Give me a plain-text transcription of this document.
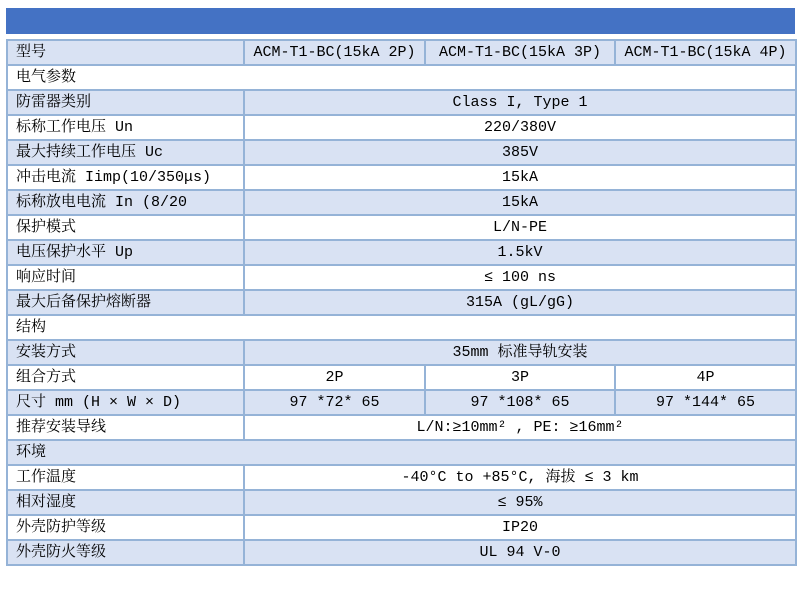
型号	ACM-T1-BC(15kA 2P)	ACM-T1-BC(15kA 3P)	ACM-T1-BC(15kA 4P)
电气参数			
防雷器类别	Class I, Type 1		
标称工作电压 Un	220/380V		
最大持续工作电压 Uc	385V		
冲击电流 Iimp(10/350μs)	15kA		
标称放电电流 In (8/20	15kA		
保护模式	L/N-PE		
电压保护水平 Up	1.5kV		
响应时间	≤ 100 ns		
最大后备保护熔断器	315A (gL/gG)		
结构			
安装方式	35mm 标准导轨安装		
组合方式	2P	3P	4P
尺寸 mm (H × W × D)	97 *72* 65	97 *108* 65	97 *144* 65
推荐安装导线	L/N:≥10mm² , PE: ≥16mm²		
环境			
工作温度	-40°C to +85°C, 海拔 ≤ 3 km		
相对湿度	≤ 95%		
外壳防护等级	IP20		
外壳防火等级	UL 94 V-0		
